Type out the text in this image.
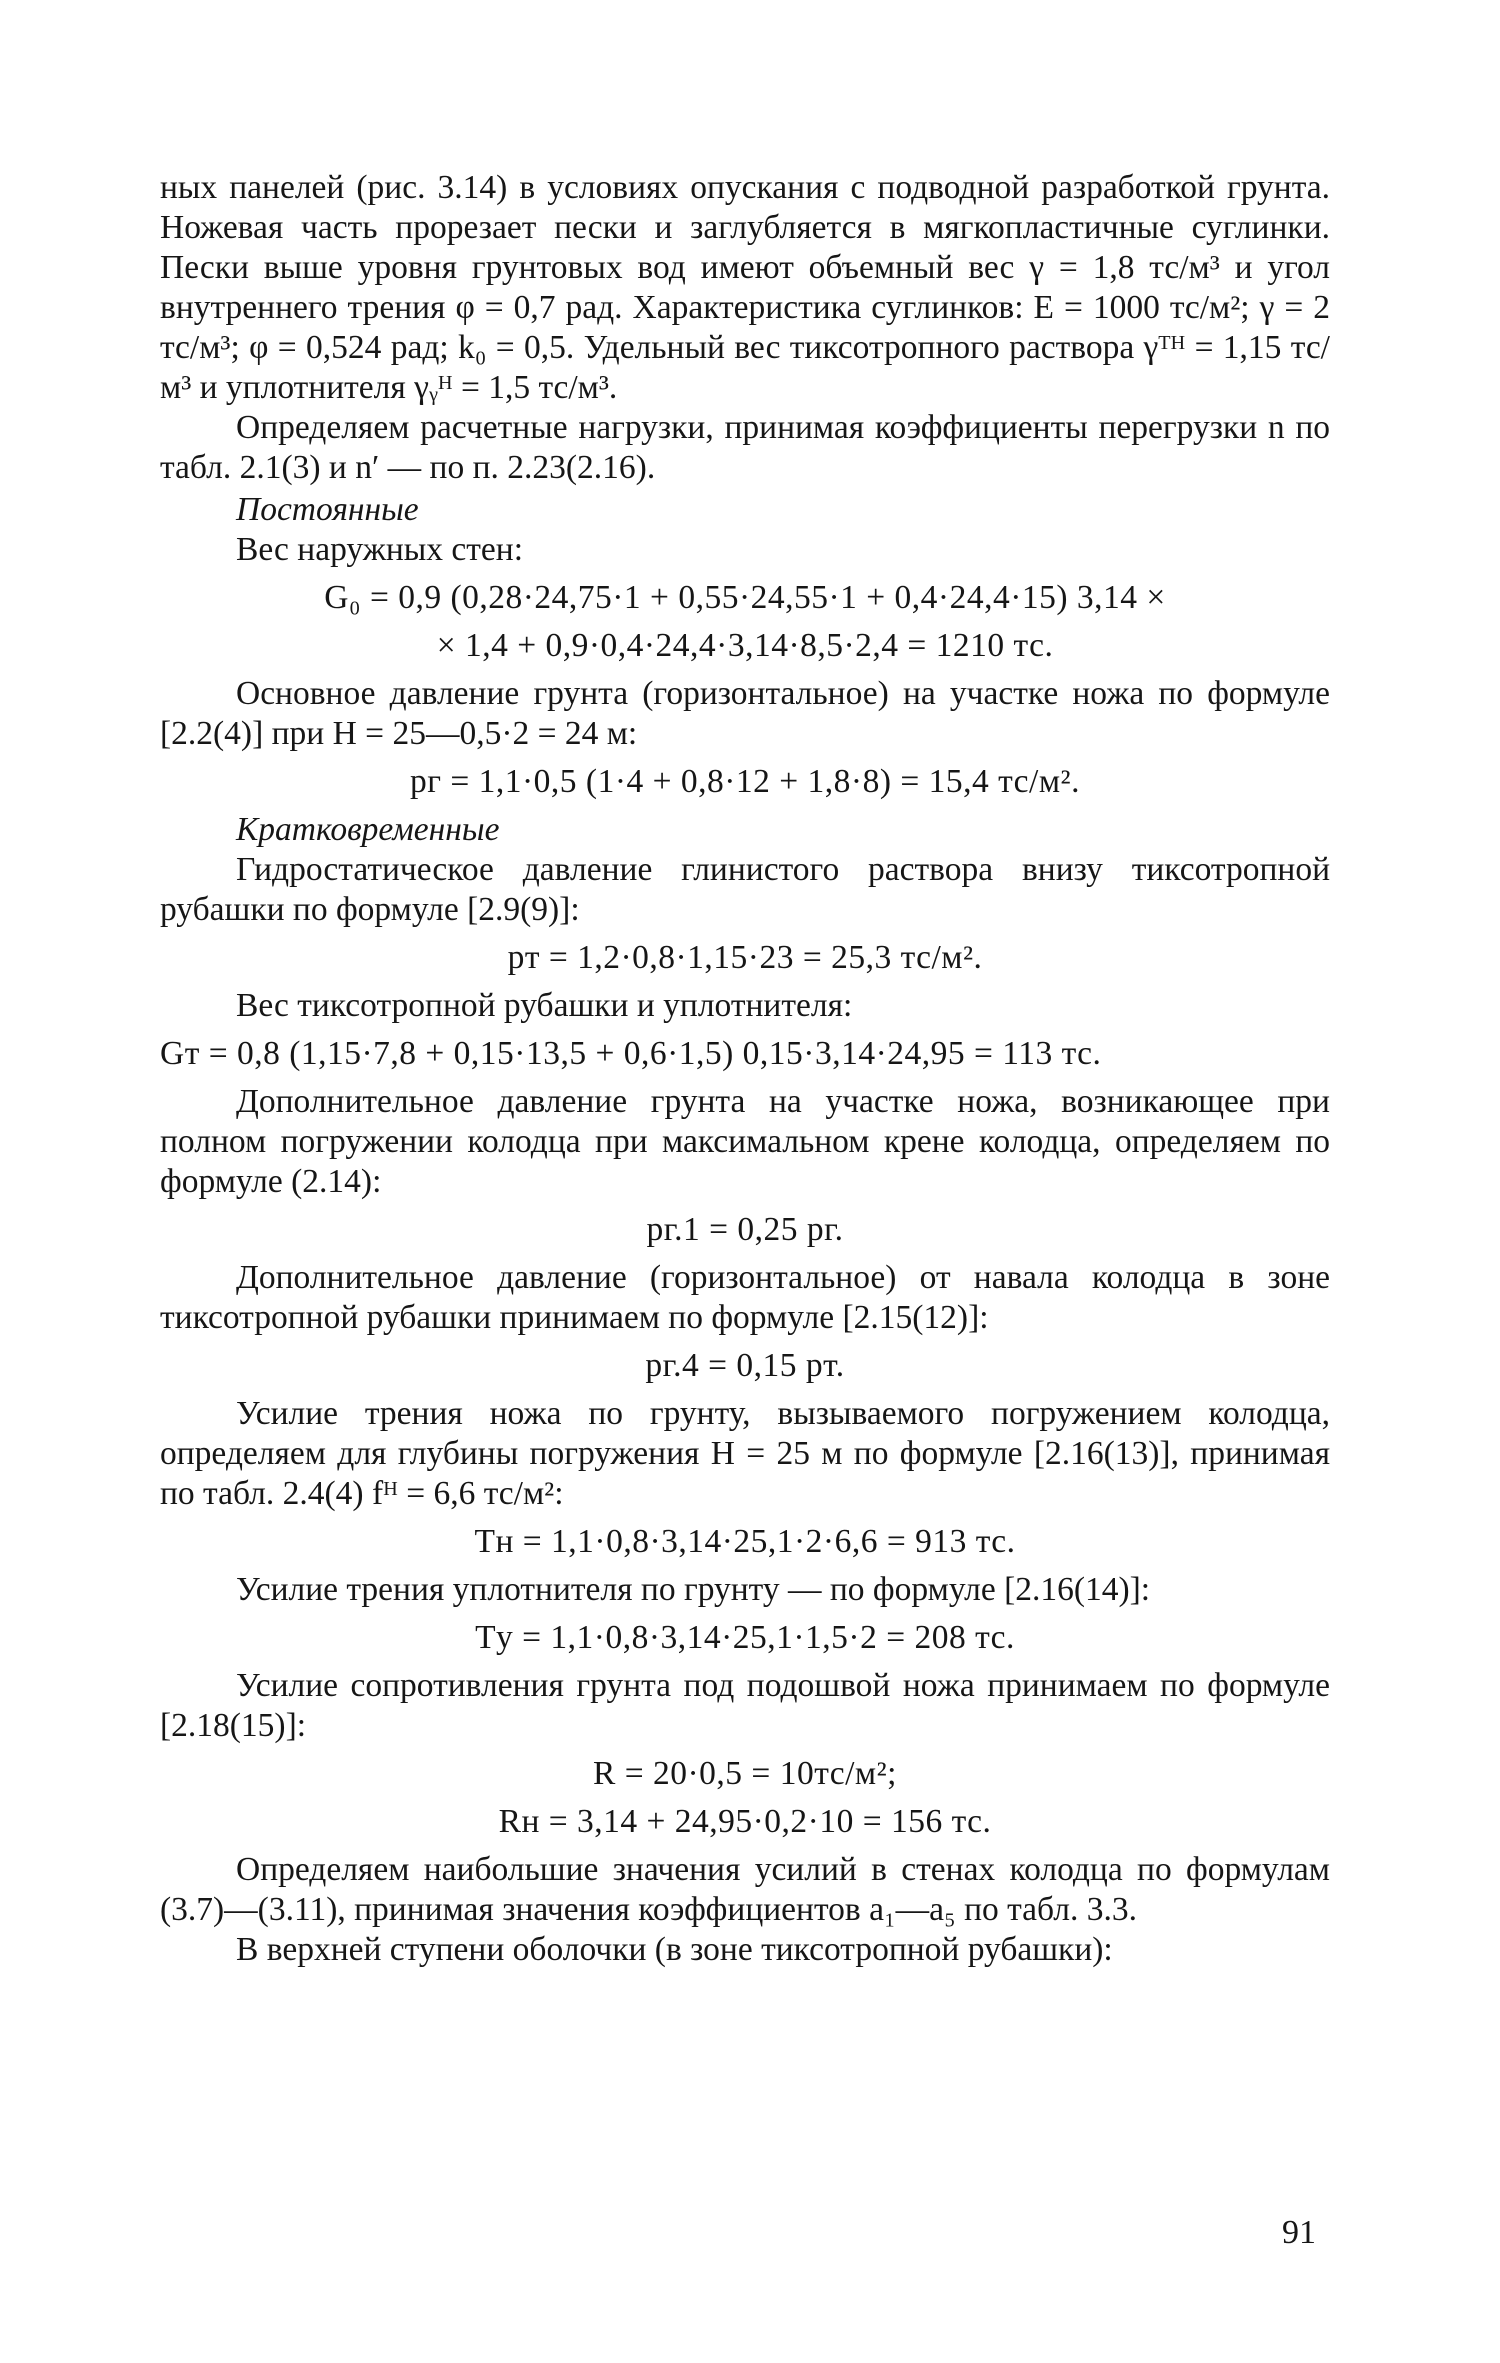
ных панелей (рис. 3.14) в условиях опускания с подводной разработкой грунта. Ножевая часть прорезает пески и заглубляется в мягкопластичные суглинки. Пески выше уровня грунтовых вод имеют объемный вес γ = 1,8 тс/м³ и угол внутреннего трения φ = 0,7 рад. Характеристика суглинков: E = 1000 тс/м²; γ = 2 тс/м³; φ = 0,524 рад; k₀ = 0,5. Удельный вес тиксотропного раствора γᵀᴴ = 1,15 тс/м³ и уплотнителя γᵧᴴ = 1,5 тс/м³.

Определяем расчетные нагрузки, принимая коэффициенты перегрузки n по табл. 2.1(3) и n′ — по п. 2.23(2.16).

Постоянные

Вес наружных стен:

G₀ = 0,9 (0,28·24,75·1 + 0,55·24,55·1 + 0,4·24,4·15) 3,14 ×

× 1,4 + 0,9·0,4·24,4·3,14·8,5·2,4 = 1210 тс.

Основное давление грунта (горизонтальное) на участке ножа по формуле [2.2(4)] при H = 25—0,5·2 = 24 м:

pг = 1,1·0,5 (1·4 + 0,8·12 + 1,8·8) = 15,4 тс/м².

Кратковременные

Гидростатическое давление глинистого раствора внизу тиксотропной рубашки по формуле [2.9(9)]:

pт = 1,2·0,8·1,15·23 = 25,3 тс/м².

Вес тиксотропной рубашки и уплотнителя:

Gт = 0,8 (1,15·7,8 + 0,15·13,5 + 0,6·1,5) 0,15·3,14·24,95 = 113 тс.

Дополнительное давление грунта на участке ножа, возникающее при полном погружении колодца при максимальном крене колодца, определяем по формуле (2.14):

pг.1 = 0,25 pг.

Дополнительное давление (горизонтальное) от навала колодца в зоне тиксотропной рубашки принимаем по формуле [2.15(12)]:

pг.4 = 0,15 pт.

Усилие трения ножа по грунту, вызываемого погружением колодца, определяем для глубины погружения H = 25 м по формуле [2.16(13)], принимая по табл. 2.4(4) fᴴ = 6,6 тс/м²:

Tн = 1,1·0,8·3,14·25,1·2·6,6 = 913 тс.

Усилие трения уплотнителя по грунту — по формуле [2.16(14)]:

Tу = 1,1·0,8·3,14·25,1·1,5·2 = 208 тс.

Усилие сопротивления грунта под подошвой ножа принимаем по формуле [2.18(15)]:

R = 20·0,5 = 10тс/м²;

Rн = 3,14 + 24,95·0,2·10 = 156 тс.

Определяем наибольшие значения усилий в стенах колодца по формулам (3.7)—(3.11), принимая значения коэффициентов a₁—a₅ по табл. 3.3.

В верхней ступени оболочки (в зоне тиксотропной рубашки):

91
